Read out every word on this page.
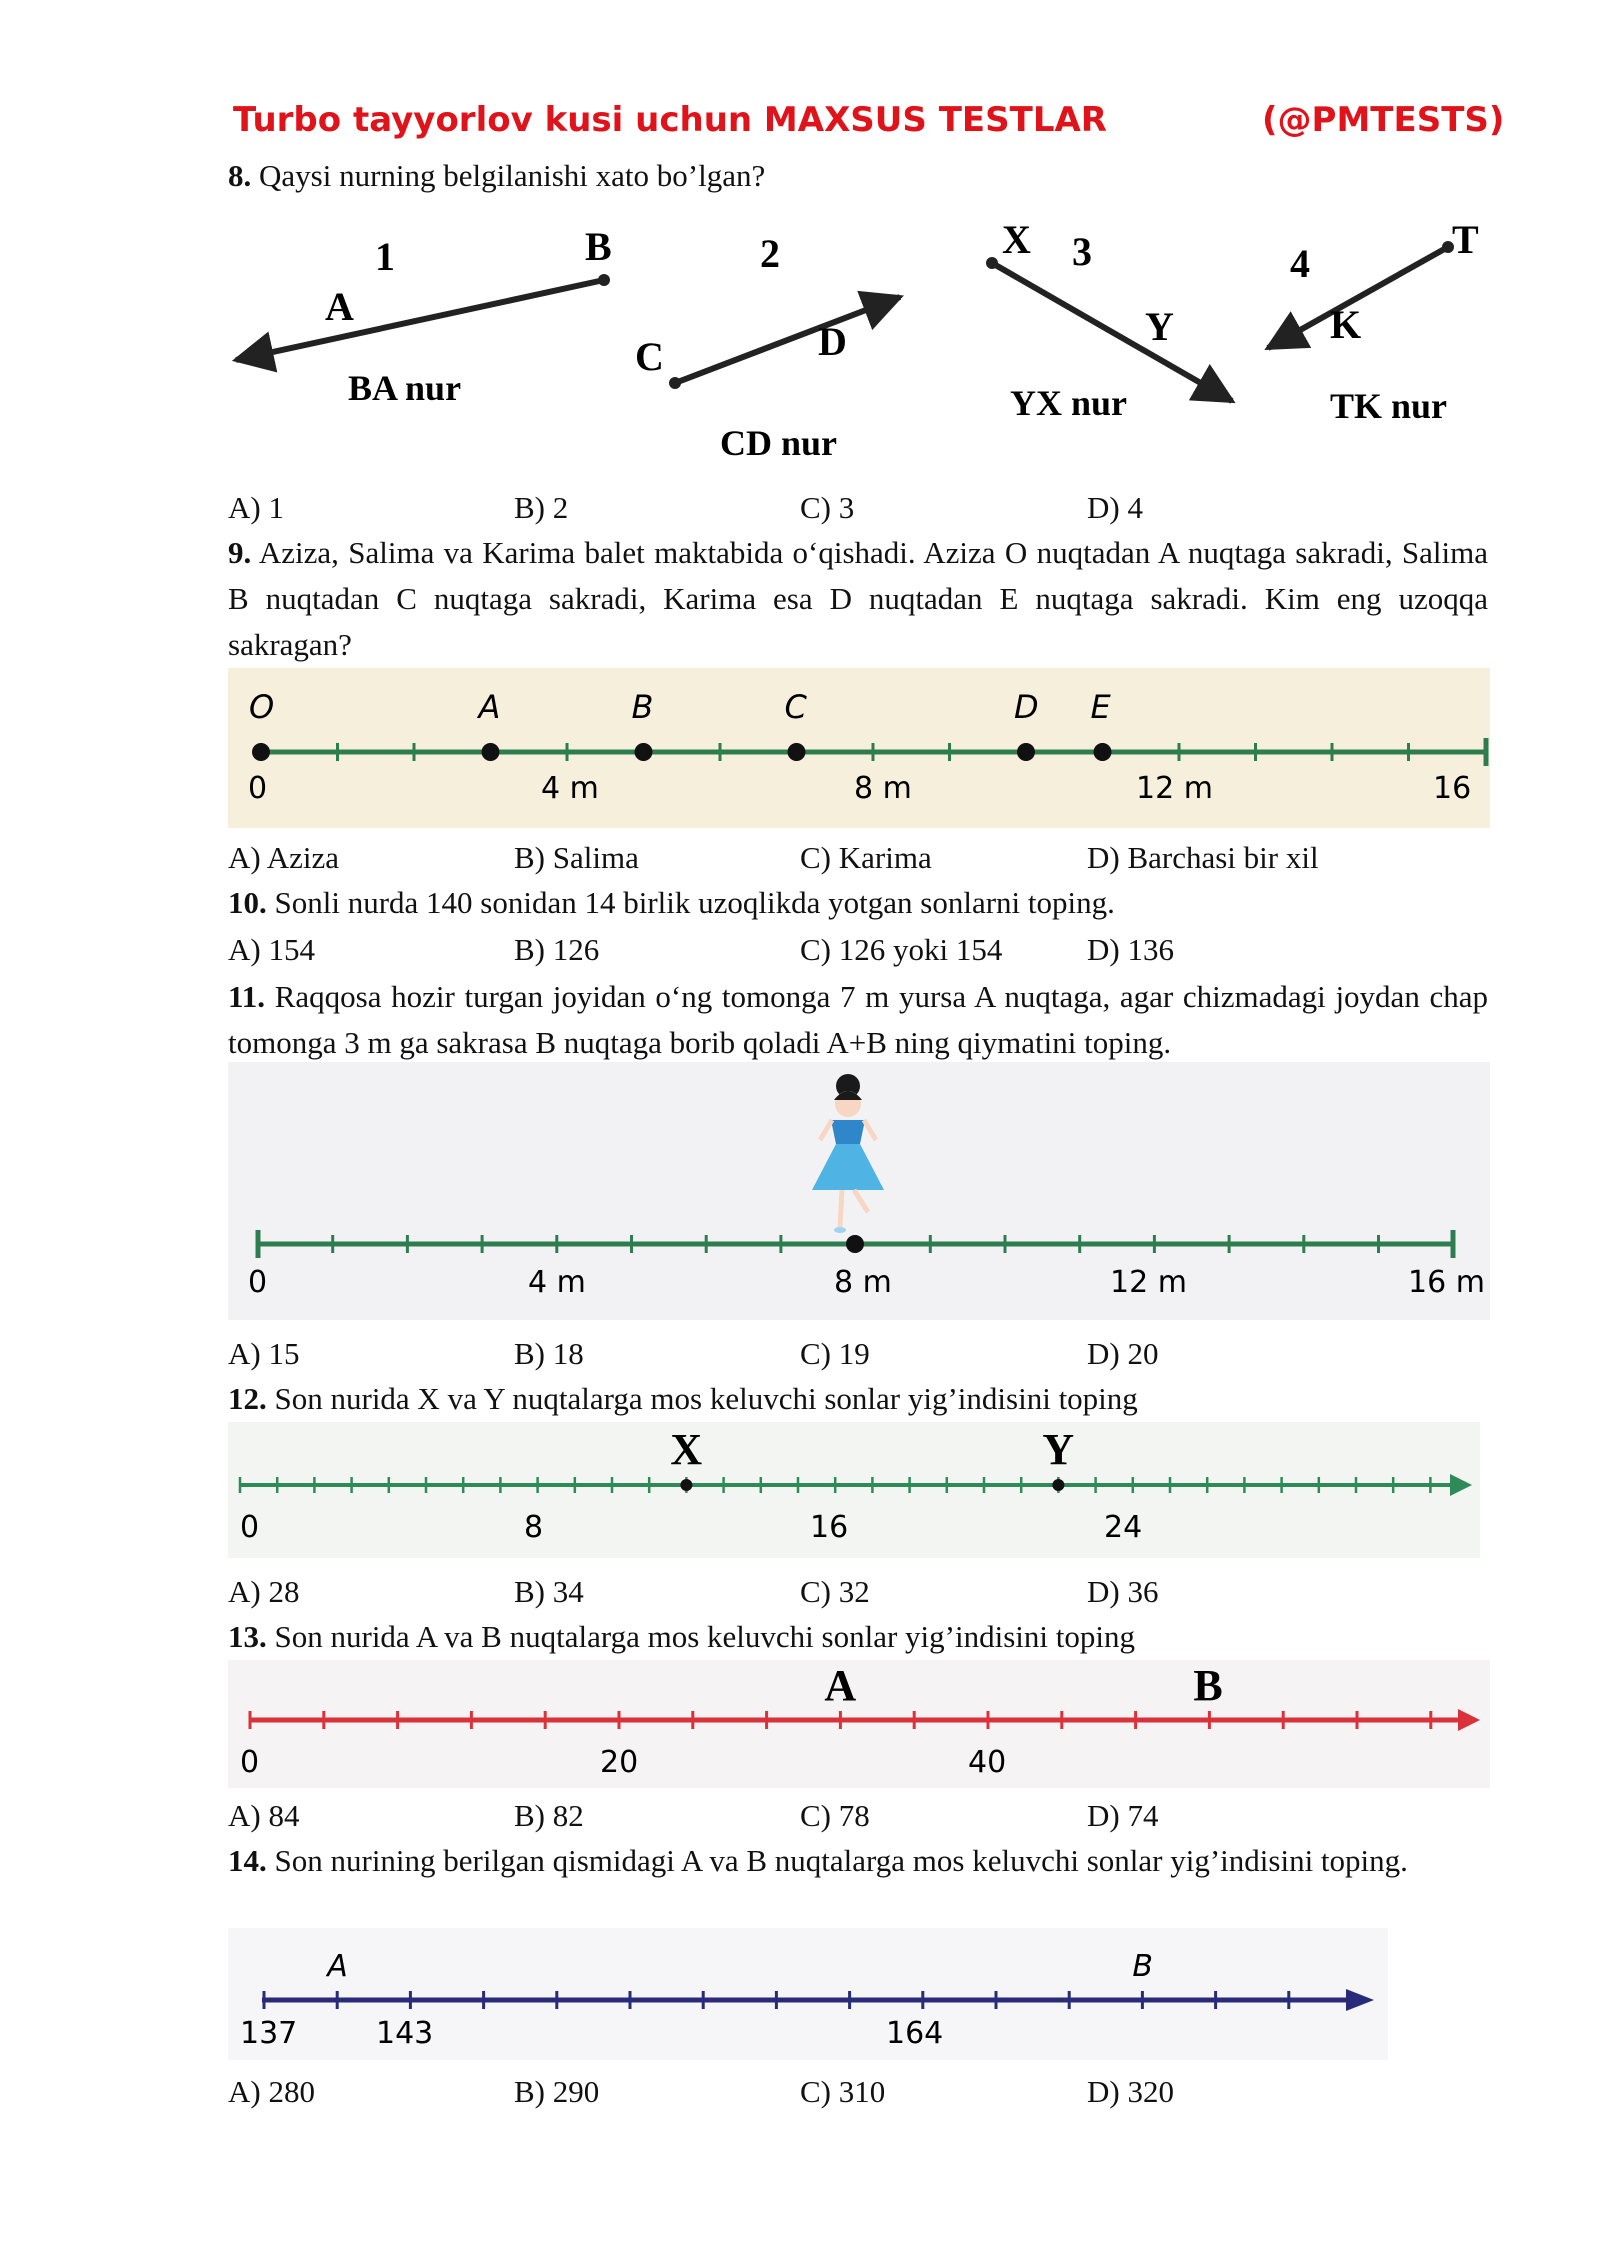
Turbo tayyorlov kusi uchun MAXSUS TESTLAR	(@PMTESTS)
8. Qaysi nurning belgilanishi xato bo’lgan?
1
A
B
BA nur
2
C	D
CD nur
3
X
Y
YX nur
4
T
K
TK nur
A) 1	B) 2	C) 3	D) 4
9. Aziza, Salima va Karima balet maktabida o‘qishadi. Aziza O nuqtadan A nuqtaga sakradi, Salima B nuqtadan C nuqtaga sakradi, Karima esa D nuqtadan E nuqtaga sakradi. Kim eng uzoqqa sakragan?
O	A	B	C	D E
0	4 m	8 m	12 m	16
A) Aziza	B) Salima	C) Karima	D) Barchasi bir xil
10. Sonli nurda 140 sonidan 14 birlik uzoqlikda yotgan sonlarni toping.
A) 154	B) 126	C) 126 yoki 154	D) 136
11. Raqqosa hozir turgan joyidan o‘ng tomonga 7 m yursa A nuqtaga, agar chizmadagi joydan chap tomonga 3 m ga sakrasa B nuqtaga borib qoladi A+B ning qiymatini toping.
0	4 m	8 m	12 m	16 m
A) 15	B) 18	C) 19	D) 20
12. Son nurida X va Y nuqtalarga mos keluvchi sonlar yig’indisini toping
X	Y
0	8	16	24
A) 28	B) 34	C) 32	D) 36
13. Son nurida A va B nuqtalarga mos keluvchi sonlar yig’indisini toping
A	B
0	20	40
A) 84	B) 82	C) 78	D) 74
14. Son nurining berilgan qismidagi A va B nuqtalarga mos keluvchi sonlar yig’indisini toping.
A	B
137	143	164
A) 280	B) 290	C) 310	D) 320
